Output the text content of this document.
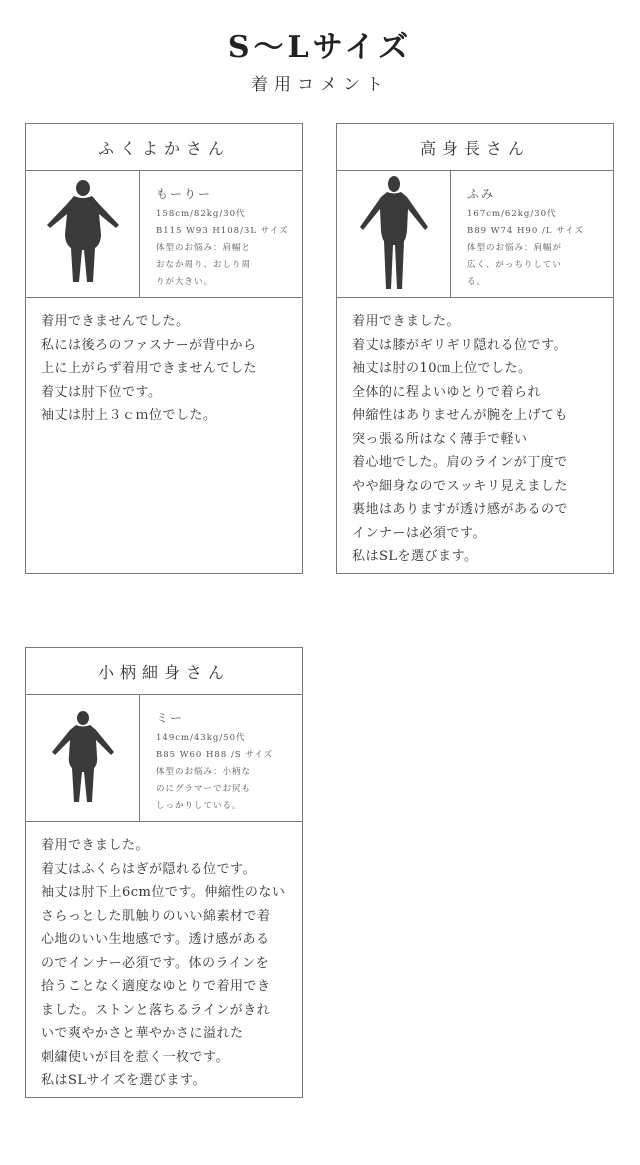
S～Lサイズ
着用コメント
ふくよかさん
もーりー
158cm/82kg/30代
B115 W93 H108/3L サイズ
体型のお悩み：肩幅と
おなか周り、おしり周
りが大きい。
着用できませんでした。
私には後ろのファスナーが背中から
上に上がらず着用できませんでした
着丈は肘下位です。
袖丈は肘上３ｃｍ位でした。
高身長さん
ふみ
167cm/62kg/30代
B89 W74 H90 /L サイズ
体型のお悩み：肩幅が
広く、がっちりしてい
る。
着用できました。
着丈は膝がギリギリ隠れる位です。
袖丈は肘の10㎝上位でした。
全体的に程よいゆとりで着られ
伸縮性はありませんが腕を上げても
突っ張る所はなく薄手で軽い
着心地でした。肩のラインが丁度で
やや細身なのでスッキリ見えました
裏地はありますが透け感があるので
インナーは必須です。
私はSLを選びます。
小柄細身さん
ミー
149cm/43kg/50代
B85 W60 H88 /S サイズ
体型のお悩み：小柄な
のにグラマーでお尻も
しっかりしている。
着用できました。
着丈はふくらはぎが隠れる位です。
袖丈は肘下上6cm位です。伸縮性のない
さらっとした肌触りのいい綿素材で着
心地のいい生地感です。透け感がある
のでインナー必須です。体のラインを
拾うことなく適度なゆとりで着用でき
ました。ストンと落ちるラインがきれ
いで爽やかさと華やかさに溢れた
刺繍使いが目を惹く一枚です。
私はSLサイズを選びます。
